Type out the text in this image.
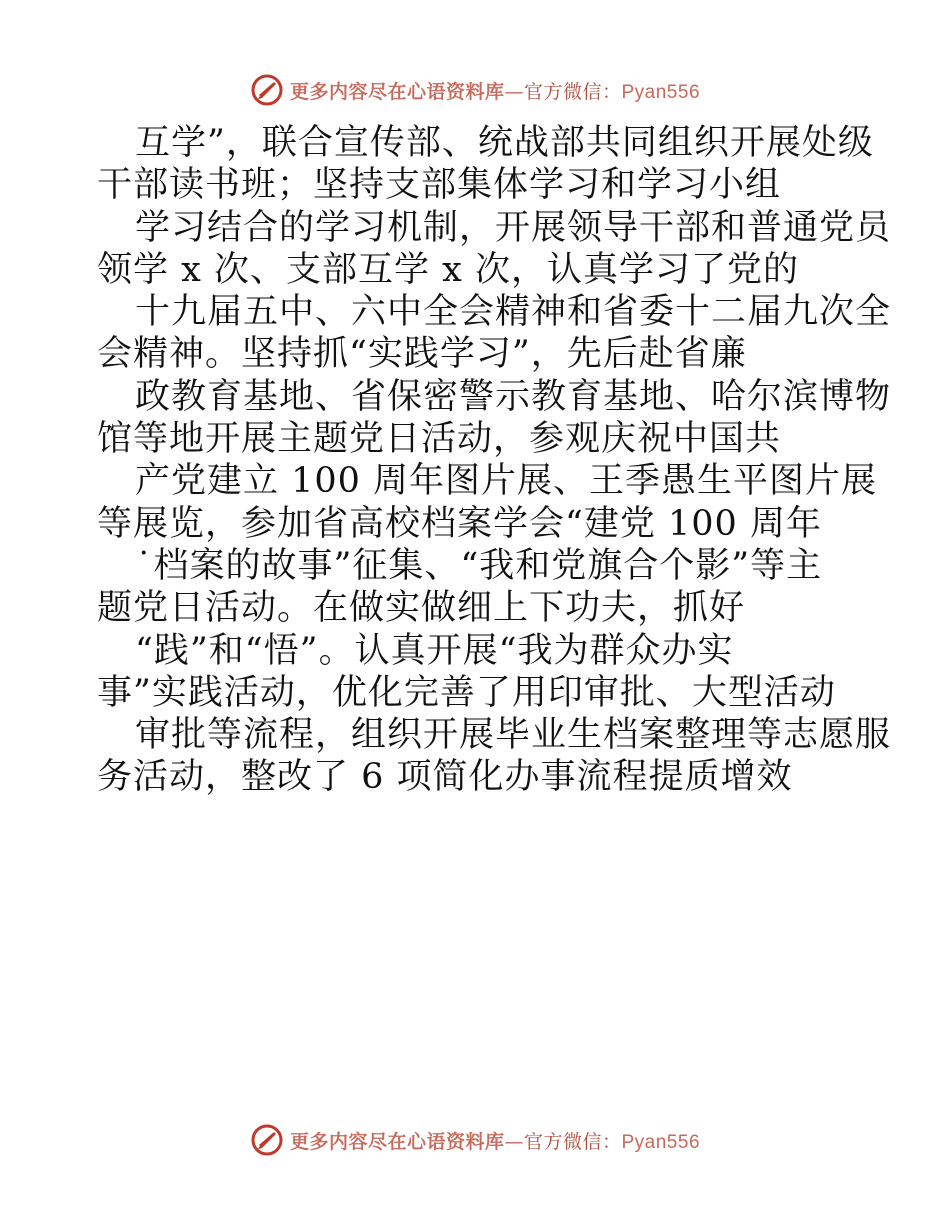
更多内容尽在心语资料库—官方微信：Pyan556
互学”，联合宣传部、统战部共同组织开展处级
干部读书班；坚持支部集体学习和学习小组
学习结合的学习机制，开展领导干部和普通党员
领学 x 次、支部互学 x 次，认真学习了党的
十九届五中、六中全会精神和省委十二届九次全
会精神。坚持抓“实践学习”，先后赴省廉
政教育基地、省保密警示教育基地、哈尔滨博物
馆等地开展主题党日活动，参观庆祝中国共
产党建立 100 周年图片展、王季愚生平图片展
等展览，参加省高校档案学会“建党 100 周年
˙档案的故事”征集、“我和党旗合个影”等主
题党日活动。在做实做细上下功夫，抓好
“践”和“悟”。认真开展“我为群众办实
事”实践活动，优化完善了用印审批、大型活动
审批等流程，组织开展毕业生档案整理等志愿服
务活动，整改了 6 项简化办事流程提质增效
更多内容尽在心语资料库—官方微信：Pyan556
